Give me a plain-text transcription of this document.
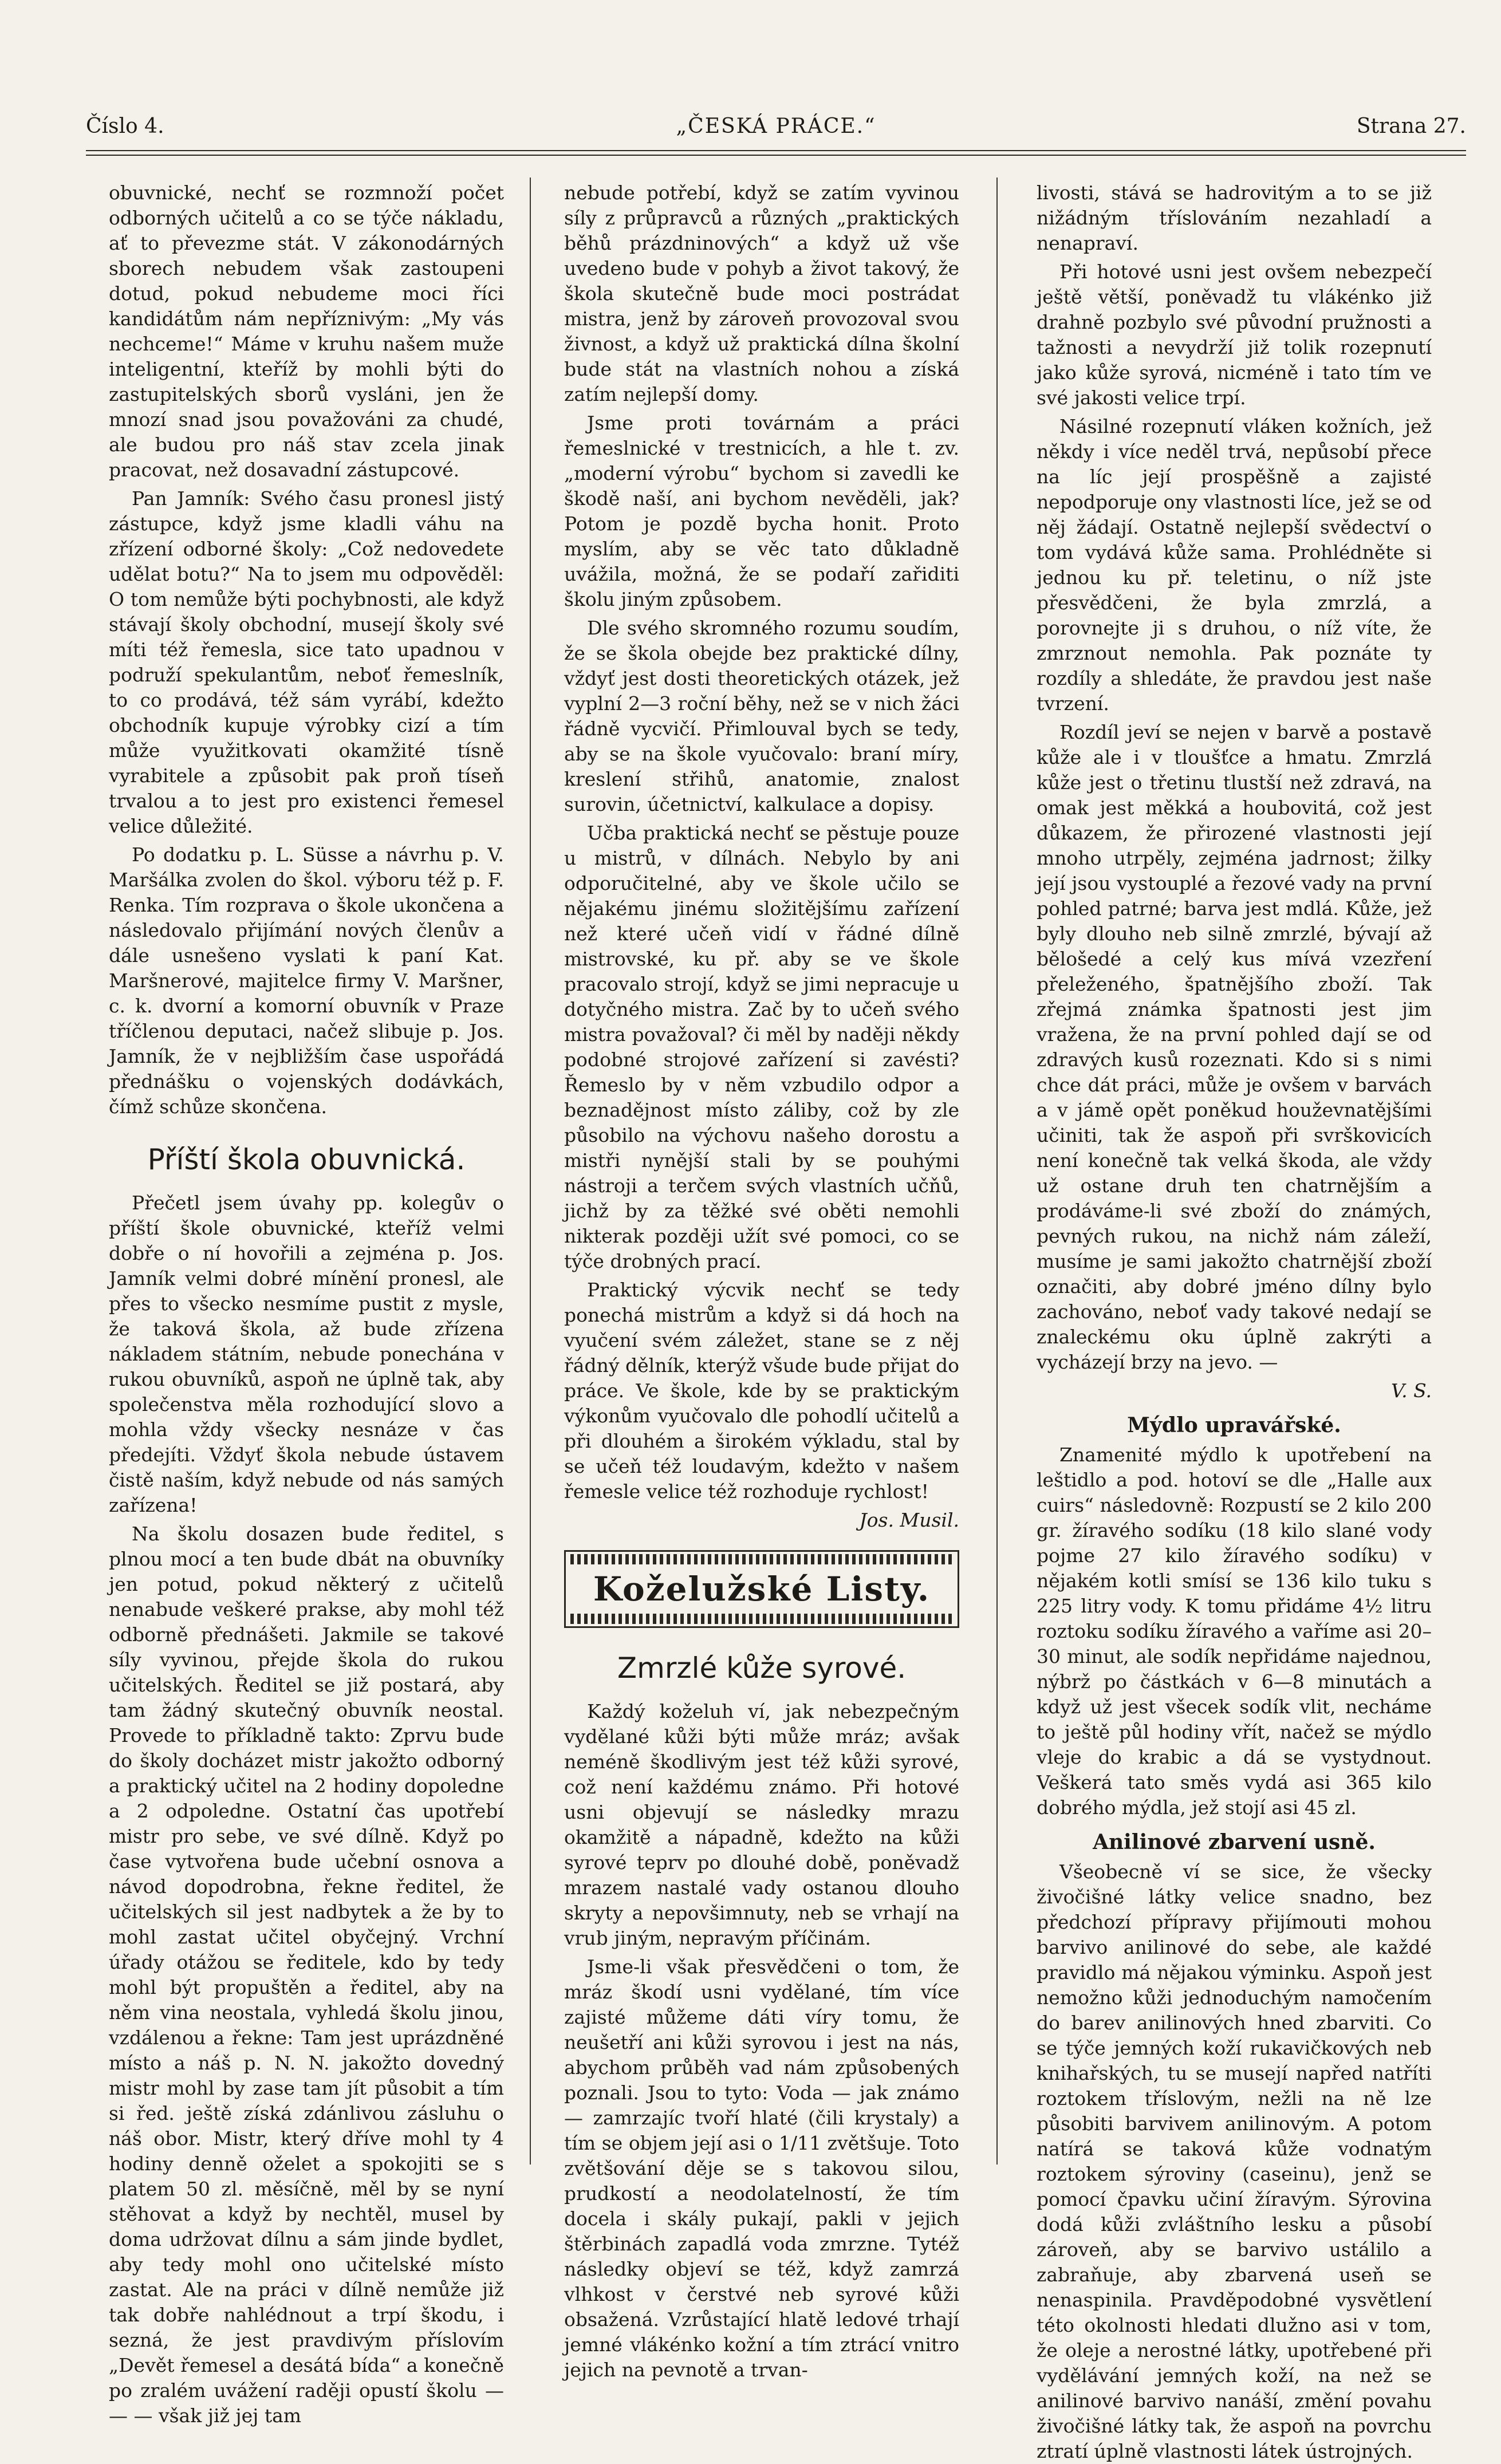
Číslo 4.	„ČESKÁ PRÁCE.“	Strana 27.

obuvnické, nechť se rozmnoží počet odborných učitelů a co se týče nákladu, ať to převezme stát. V zákonodárných sborech nebudem však zastoupeni dotud, pokud nebudeme moci říci kandidátům nám nepříznivým: „My vás nechceme!“ Máme v kruhu našem muže inteligentní, kteříž by mohli býti do zastupitelských sborů vysláni, jen že mnozí snad jsou považováni za chudé, ale budou pro náš stav zcela jinak pracovat, než dosavadní zástupcové.

Pan Jamník: Svého času pronesl jistý zástupce, když jsme kladli váhu na zřízení odborné školy: „Což nedovedete udělat botu?“ Na to jsem mu odpověděl: O tom nemůže býti pochybnosti, ale když stávají školy obchodní, musejí školy své míti též řemesla, sice tato upadnou v podruží spekulantům, neboť řemeslník, to co prodává, též sám vyrábí, kdežto obchodník kupuje výrobky cizí a tím může využitkovati okamžité tísně vyrabitele a způsobit pak proň tíseň trvalou a to jest pro existenci řemesel velice důležité.

Po dodatku p. L. Süsse a návrhu p. V. Maršálka zvolen do škol. výboru též p. F. Renka. Tím rozprava o škole ukončena a následovalo přijímání nových členův a dále usnešeno vyslati k paní Kat. Maršnerové, majitelce firmy V. Maršner, c. k. dvorní a komorní obuvník v Praze tříčlenou deputaci, načež slibuje p. Jos. Jamník, že v nejbližším čase uspořádá přednášku o vojenských dodávkách, čímž schůze skončena.

Příští škola obuvnická.

Přečetl jsem úvahy pp. kolegův o příští škole obuvnické, kteříž velmi dobře o ní hovořili a zejména p. Jos. Jamník velmi dobré mínění pronesl, ale přes to všecko nesmíme pustit z mysle, že taková škola, až bude zřízena nákladem státním, nebude ponechána v rukou obuvníků, aspoň ne úplně tak, aby společenstva měla rozhodující slovo a mohla vždy všecky nesnáze v čas předejíti. Vždyť škola nebude ústavem čistě naším, když nebude od nás samých zařízena!

Na školu dosazen bude ředitel, s plnou mocí a ten bude dbát na obuvníky jen potud, pokud některý z učitelů nenabude veškeré prakse, aby mohl též odborně přednášeti. Jakmile se takové síly vyvinou, přejde škola do rukou učitelských. Ředitel se již postará, aby tam žádný skutečný obuvník neostal. Provede to příkladně takto: Zprvu bude do školy docházet mistr jakožto odborný a praktický učitel na 2 hodiny dopoledne a 2 odpoledne. Ostatní čas upotřebí mistr pro sebe, ve své dílně. Když po čase vytvořena bude učební osnova a návod dopodrobna, řekne ředitel, že učitelských sil jest nadbytek a že by to mohl zastat učitel obyčejný. Vrchní úřady otážou se ředitele, kdo by tedy mohl být propuštěn a ředitel, aby na něm vina neostala, vyhledá školu jinou, vzdálenou a řekne: Tam jest uprázdněné místo a náš p. N. N. jakožto dovedný mistr mohl by zase tam jít působit a tím si řed. ještě získá zdánlivou zásluhu o náš obor. Mistr, který dříve mohl ty 4 hodiny denně oželet a spokojiti se s platem 50 zl. měsíčně, měl by se nyní stěhovat a když by nechtěl, musel by doma udržovat dílnu a sám jinde bydlet, aby tedy mohl ono učitelské místo zastat. Ale na práci v dílně nemůže již tak dobře nahlédnout a trpí škodu, i sezná, že jest pravdivým příslovím „Devět řemesel a desátá bída“ a konečně po zralém uvážení raději opustí školu — — — však již jej tam

nebude potřebí, když se zatím vyvinou síly z průpravců a různých „praktických běhů prázdninových“ a když už vše uvedeno bude v pohyb a život takový, že škola skutečně bude moci postrádat mistra, jenž by zároveň provozoval svou živnost, a když už praktická dílna školní bude stát na vlastních nohou a získá zatím nejlepší domy.

Jsme proti továrnám a práci řemeslnické v trestnicích, a hle t. zv. „moderní výrobu“ bychom si zavedli ke škodě naší, ani bychom nevěděli, jak? Potom je pozdě bycha honit. Proto myslím, aby se věc tato důkladně uvážila, možná, že se podaří zařiditi školu jiným způsobem.

Dle svého skromného rozumu soudím, že se škola obejde bez praktické dílny, vždyť jest dosti theoretických otázek, jež vyplní 2—3 roční běhy, než se v nich žáci řádně vycvičí. Přimlouval bych se tedy, aby se na škole vyučovalo: braní míry, kreslení střihů, anatomie, znalost surovin, účetnictví, kalkulace a dopisy.

Učba praktická nechť se pěstuje pouze u mistrů, v dílnách. Nebylo by ani odporučitelné, aby ve škole učilo se nějakému jinému složitějšímu zařízení než které učeň vidí v řádné dílně mistrovské, ku př. aby se ve škole pracovalo strojí, když se jimi nepracuje u dotyčného mistra. Zač by to učeň svého mistra považoval? či měl by naději někdy podobné strojové zařízení si zavésti? Řemeslo by v něm vzbudilo odpor a beznadějnost místo záliby, což by zle působilo na výchovu našeho dorostu a mistři nynější stali by se pouhými nástroji a terčem svých vlastních učňů, jichž by za těžké své oběti nemohli nikterak později užít své pomoci, co se týče drobných prací.

Praktický výcvik nechť se tedy ponechá mistrům a když si dá hoch na vyučení svém záležet, stane se z něj řádný dělník, kterýž všude bude přijat do práce. Ve škole, kde by se praktickým výkonům vyučovalo dle pohodlí učitelů a při dlouhém a širokém výkladu, stal by se učeň též loudavým, kdežto v našem řemesle velice též rozhoduje rychlost!

Jos. Musil.

Koželužské Listy.
Zmrzlé kůže syrové.

Každý koželuh ví, jak nebezpečným vydělané kůži býti může mráz; avšak neméně škodlivým jest též kůži syrové, což není každému známo. Při hotové usni objevují se následky mrazu okamžitě a nápadně, kdežto na kůži syrové teprv po dlouhé době, poněvadž mrazem nastalé vady ostanou dlouho skryty a nepovšimnuty, neb se vrhají na vrub jiným, nepravým příčinám.

Jsme-li však přesvědčeni o tom, že mráz škodí usni vydělané, tím více zajisté můžeme dáti víry tomu, že neušetří ani kůži syrovou i jest na nás, abychom průběh vad nám způsobených poznali. Jsou to tyto: Voda — jak známo — zamrzajíc tvoří hlaté (čili krystaly) a tím se objem její asi o 1/11 zvětšuje. Toto zvětšování děje se s takovou silou, prudkostí a neodolatelností, že tím docela i skály pukají, pakli v jejich štěrbinách zapadlá voda zmrzne. Tytéž následky objeví se též, když zamrzá vlhkost v čerstvé neb syrové kůži obsažená. Vzrůstající hlatě ledové trhají jemné vlákénko kožní a tím ztrácí vnitro jejich na pevnotě a trvan-

livosti, stává se hadrovitým a to se již nižádným tříslováním nezahladí a nenapraví.

Při hotové usni jest ovšem nebezpečí ještě větší, poněvadž tu vlákénko již drahně pozbylo své původní pružnosti a tažnosti a nevydrží již tolik rozepnutí jako kůže syrová, nicméně i tato tím ve své jakosti velice trpí.

Násilné rozepnutí vláken kožních, jež někdy i více neděl trvá, nepůsobí přece na líc její prospěšně a zajisté nepodporuje ony vlastnosti líce, jež se od něj žádají. Ostatně nejlepší svědectví o tom vydává kůže sama. Prohlédněte si jednou ku př. teletinu, o níž jste přesvědčeni, že byla zmrzlá, a porovnejte ji s druhou, o níž víte, že zmrznout nemohla. Pak poznáte ty rozdíly a shledáte, že pravdou jest naše tvrzení.

Rozdíl jeví se nejen v barvě a postavě kůže ale i v tloušťce a hmatu. Zmrzlá kůže jest o třetinu tlustší než zdravá, na omak jest měkká a houbovitá, což jest důkazem, že přirozené vlastnosti její mnoho utrpěly, zejména jadrnost; žilky její jsou vystouplé a řezové vady na první pohled patrné; barva jest mdlá. Kůže, jež byly dlouho neb silně zmrzlé, bývají až bělošedé a celý kus mívá vzezření přeleženého, špatnějšího zboží. Tak zřejmá známka špatnosti jest jim vražena, že na první pohled dají se od zdravých kusů rozeznati. Kdo si s nimi chce dát práci, může je ovšem v barvách a v jámě opět poněkud houževnatějšími učiniti, tak že aspoň při svrškovicích není konečně tak velká škoda, ale vždy už ostane druh ten chatrnějším a prodáváme-li své zboží do známých, pevných rukou, na nichž nám záleží, musíme je sami jakožto chatrnější zboží označiti, aby dobré jméno dílny bylo zachováno, neboť vady takové nedají se znaleckému oku úplně zakrýti a vycházejí brzy na jevo. —

V. S.

Mýdlo upravářské.

Znamenité mýdlo k upotřebení na leštidlo a pod. hotoví se dle „Halle aux cuirs“ následovně: Rozpustí se 2 kilo 200 gr. žíravého sodíku (18 kilo slané vody pojme 27 kilo žíravého sodíku) v nějakém kotli smísí se 136 kilo tuku s 225 litry vody. K tomu přidáme 4½ litru roztoku sodíku žíravého a vaříme asi 20–30 minut, ale sodík nepřidáme najednou, nýbrž po částkách v 6—8 minutách a když už jest všecek sodík vlit, necháme to ještě půl hodiny vřít, načež se mýdlo vleje do krabic a dá se vystydnout. Veškerá tato směs vydá asi 365 kilo dobrého mýdla, jež stojí asi 45 zl.

Anilinové zbarvení usně.

Všeobecně ví se sice, že všecky živočišné látky velice snadno, bez předchozí přípravy přijímouti mohou barvivo anilinové do sebe, ale každé pravidlo má nějakou výminku. Aspoň jest nemožno kůži jednoduchým namočením do barev anilinových hned zbarviti. Co se týče jemných koží rukavičkových neb knihařských, tu se musejí napřed natříti roztokem tříslovým, nežli na ně lze působiti barvivem anilinovým. A potom natírá se taková kůže vodnatým roztokem sýroviny (caseinu), jenž se pomocí čpavku učiní žíravým. Sýrovina dodá kůži zvláštního lesku a působí zároveň, aby se barvivo ustálilo a zabraňuje, aby zbarvená useň se nenaspinila. Pravděpodobné vysvětlení této okolnosti hledati dlužno asi v tom, že oleje a nerostné látky, upotřebené při vydělávání jemných koží, na než se anilinové barvivo nanáší, změní povahu živočišné látky tak, že aspoň na povrchu ztratí úplně vlastnosti látek ústrojných.
